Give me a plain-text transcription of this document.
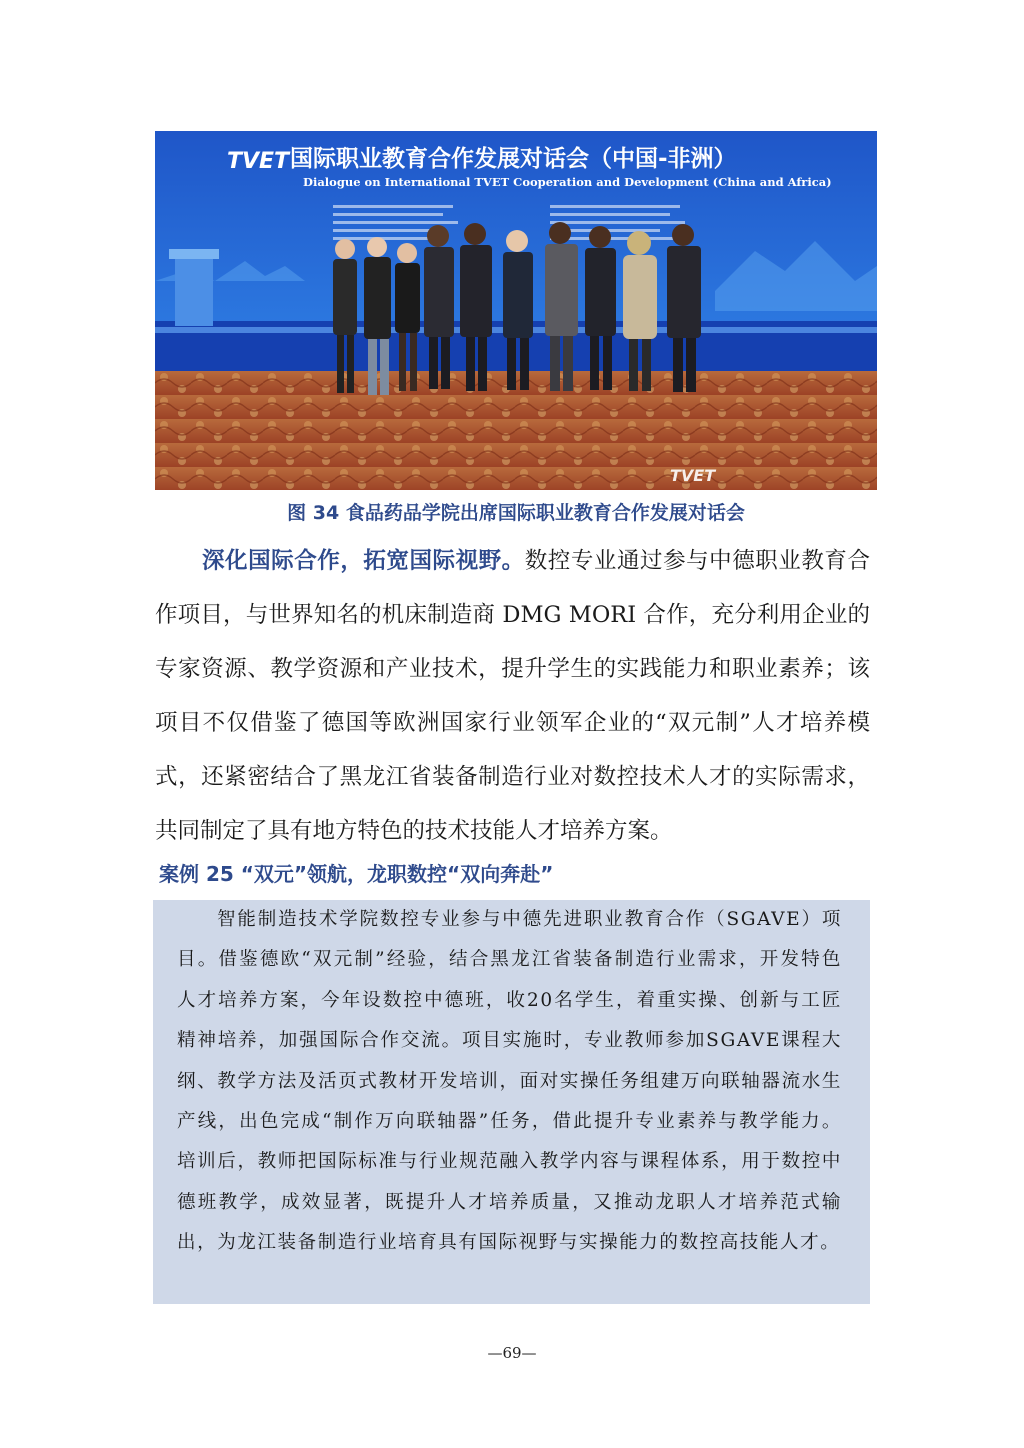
TVET 国际职业教育合作发展对话会（中国-非洲）
Dialogue on International TVET Cooperation and Development (China and Africa)
TVET
图 34 食品药品学院出席国际职业教育合作发展对话会

深化国际合作，拓宽国际视野。数控专业通过参与中德职业教育合作项目，与世界知名的机床制造商 DMG MORI 合作，充分利用企业的专家资源、教学资源和产业技术，提升学生的实践能力和职业素养；该项目不仅借鉴了德国等欧洲国家行业领军企业的“双元制”人才培养模式，还紧密结合了黑龙江省装备制造行业对数控技术人才的实际需求，共同制定了具有地方特色的技术技能人才培养方案。

案例 25 “双元”领航，龙职数控“双向奔赴”

智能制造技术学院数控专业参与中德先进职业教育合作（SGAVE）项目。借鉴德欧“双元制”经验，结合黑龙江省装备制造行业需求，开发特色人才培养方案，今年设数控中德班，收20名学生，着重实操、创新与工匠精神培养，加强国际合作交流。项目实施时，专业教师参加SGAVE课程大纲、教学方法及活页式教材开发培训，面对实操任务组建万向联轴器流水生产线，出色完成“制作万向联轴器”任务，借此提升专业素养与教学能力。培训后，教师把国际标准与行业规范融入教学内容与课程体系，用于数控中德班教学，成效显著，既提升人才培养质量，又推动龙职人才培养范式输出，为龙江装备制造行业培育具有国际视野与实操能力的数控高技能人才。

—69—
